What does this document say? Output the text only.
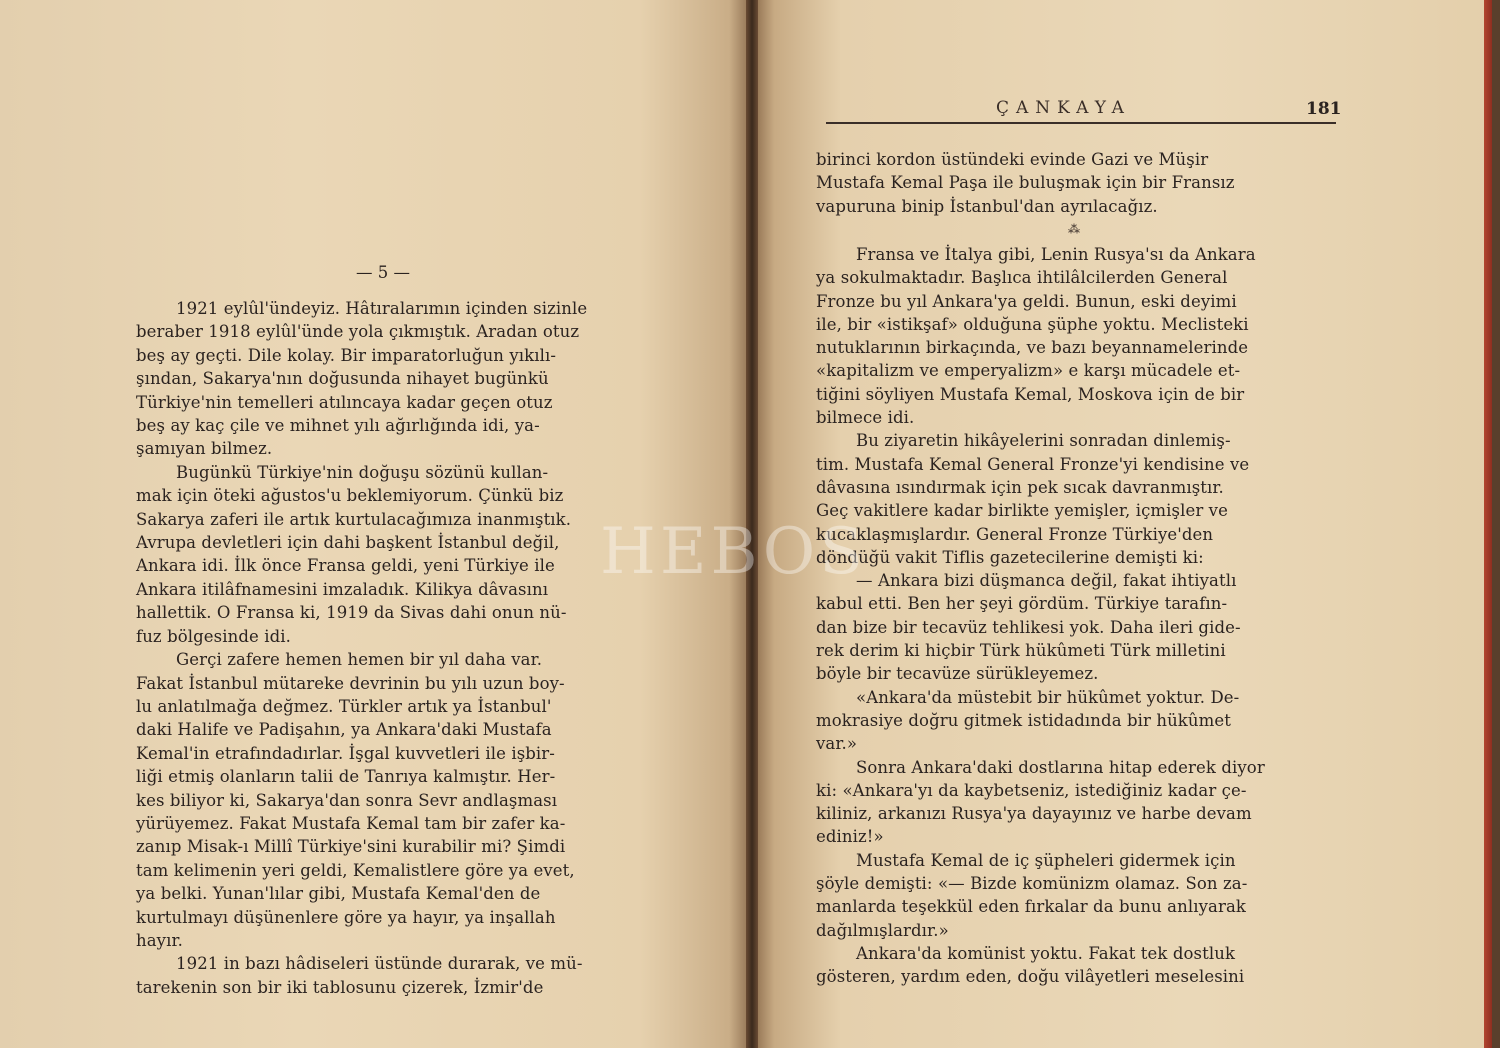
— 5 —

1921 eylûl'ündeyiz. Hâtıralarımın içinden sizinle

beraber 1918 eylûl'ünde yola çıkmıştık. Aradan otuz

beş ay geçti. Dile kolay. Bir imparatorluğun yıkılı-

şından, Sakarya'nın doğusunda nihayet bugünkü

Türkiye'nin temelleri atılıncaya kadar geçen otuz

beş ay kaç çile ve mihnet yılı ağırlığında idi, ya-

şamıyan bilmez.

Bugünkü Türkiye'nin doğuşu sözünü kullan-

mak için öteki ağustos'u beklemiyorum. Çünkü biz

Sakarya zaferi ile artık kurtulacağımıza inanmıştık.

Avrupa devletleri için dahi başkent İstanbul değil,

Ankara idi. İlk önce Fransa geldi, yeni Türkiye ile

Ankara itilâfnamesini imzaladık. Kilikya dâvasını

hallettik. O Fransa ki, 1919 da Sivas dahi onun nü-

fuz bölgesinde idi.

Gerçi zafere hemen hemen bir yıl daha var.

Fakat İstanbul mütareke devrinin bu yılı uzun boy-

lu anlatılmağa değmez. Türkler artık ya İstanbul'

daki Halife ve Padişahın, ya Ankara'daki Mustafa

Kemal'in etrafındadırlar. İşgal kuvvetleri ile işbir-

liği etmiş olanların talii de Tanrıya kalmıştır. Her-

kes biliyor ki, Sakarya'dan sonra Sevr andlaşması

yürüyemez. Fakat Mustafa Kemal tam bir zafer ka-

zanıp Misak-ı Millî Türkiye'sini kurabilir mi? Şimdi

tam kelimenin yeri geldi, Kemalistlere göre ya evet,

ya belki. Yunan'lılar gibi, Mustafa Kemal'den de

kurtulmayı düşünenlere göre ya hayır, ya inşallah

hayır.

1921 in bazı hâdiseleri üstünde durarak, ve mü-

tarekenin son bir iki tablosunu çizerek, İzmir'de

ÇANKAYA	181

birinci kordon üstündeki evinde Gazi ve Müşir

Mustafa Kemal Paşa ile buluşmak için bir Fransız

vapuruna binip İstanbul'dan ayrılacağız.

⁂

Fransa ve İtalya gibi, Lenin Rusya'sı da Ankara

ya sokulmaktadır. Başlıca ihtilâlcilerden General

Fronze bu yıl Ankara'ya geldi. Bunun, eski deyimi

ile, bir «istikşaf» olduğuna şüphe yoktu. Meclisteki

nutuklarının birkaçında, ve bazı beyannamelerinde

«kapitalizm ve emperyalizm» e karşı mücadele et-

tiğini söyliyen Mustafa Kemal, Moskova için de bir

bilmece idi.

Bu ziyaretin hikâyelerini sonradan dinlemiş-

tim. Mustafa Kemal General Fronze'yi kendisine ve

dâvasına ısındırmak için pek sıcak davranmıştır.

Geç vakitlere kadar birlikte yemişler, içmişler ve

kucaklaşmışlardır. General Fronze Türkiye'den

döndüğü vakit Tiflis gazetecilerine demişti ki:

— Ankara bizi düşmanca değil, fakat ihtiyatlı

kabul etti. Ben her şeyi gördüm. Türkiye tarafın-

dan bize bir tecavüz tehlikesi yok. Daha ileri gide-

rek derim ki hiçbir Türk hükûmeti Türk milletini

böyle bir tecavüze sürükleyemez.

«Ankara'da müstebit bir hükûmet yoktur. De-

mokrasiye doğru gitmek istidadında bir hükûmet

var.»

Sonra Ankara'daki dostlarına hitap ederek diyor

ki: «Ankara'yı da kaybetseniz, istediğiniz kadar çe-

kiliniz, arkanızı Rusya'ya dayayınız ve harbe devam

ediniz!»

Mustafa Kemal de iç şüpheleri gidermek için

şöyle demişti: «— Bizde komünizm olamaz. Son za-

manlarda teşekkül eden fırkalar da bunu anlıyarak

dağılmışlardır.»

Ankara'da komünist yoktu. Fakat tek dostluk

gösteren, yardım eden, doğu vilâyetleri meselesini

HEBOS
